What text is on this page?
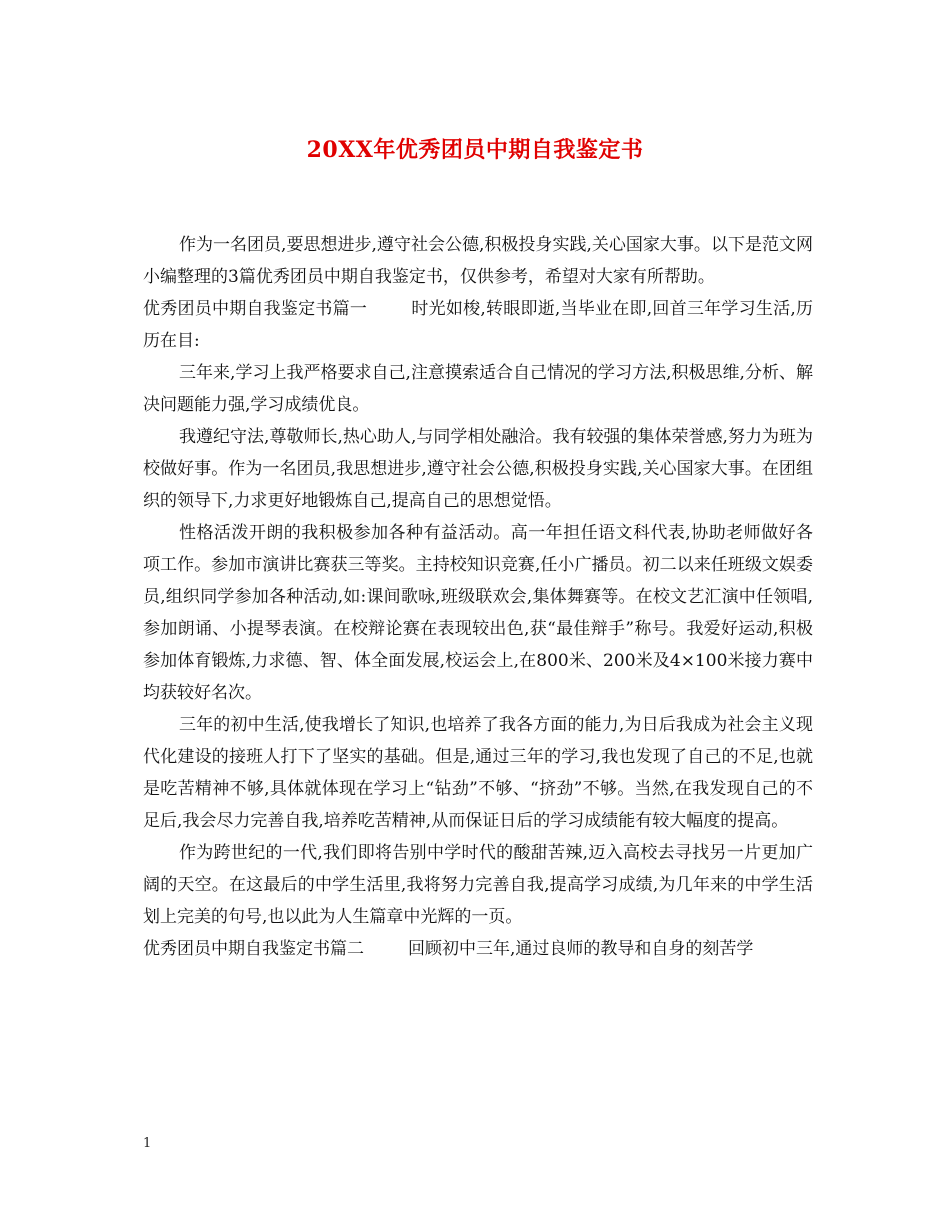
20XX年优秀团员中期自我鉴定书

作为一名团员,要思想进步,遵守社会公德,积极投身实践,关心国家大事。以下是范文网小编整理的3篇优秀团员中期自我鉴定书，仅供参考，希望对大家有所帮助。

优秀团员中期自我鉴定书篇一	时光如梭,转眼即逝,当毕业在即,回首三年学习生活,历历在目:

三年来,学习上我严格要求自己,注意摸索适合自己情况的学习方法,积极思维,分析、解决问题能力强,学习成绩优良。

我遵纪守法,尊敬师长,热心助人,与同学相处融洽。我有较强的集体荣誉感,努力为班为校做好事。作为一名团员,我思想进步,遵守社会公德,积极投身实践,关心国家大事。在团组织的领导下,力求更好地锻炼自己,提高自己的思想觉悟。

性格活泼开朗的我积极参加各种有益活动。高一年担任语文科代表,协助老师做好各项工作。参加市演讲比赛获三等奖。主持校知识竞赛,任小广播员。初二以来任班级文娱委员,组织同学参加各种活动,如:课间歌咏,班级联欢会,集体舞赛等。在校文艺汇演中任领唱,参加朗诵、小提琴表演。在校辩论赛在表现较出色,获“最佳辩手”称号。我爱好运动,积极参加体育锻炼,力求德、智、体全面发展,校运会上,在800米、200米及4×100米接力赛中均获较好名次。

三年的初中生活,使我增长了知识,也培养了我各方面的能力,为日后我成为社会主义现代化建设的接班人打下了坚实的基础。但是,通过三年的学习,我也发现了自己的不足,也就是吃苦精神不够,具体就体现在学习上“钻劲”不够、“挤劲”不够。当然,在我发现自己的不足后,我会尽力完善自我,培养吃苦精神,从而保证日后的学习成绩能有较大幅度的提高。

作为跨世纪的一代,我们即将告别中学时代的酸甜苦辣,迈入高校去寻找另一片更加广阔的天空。在这最后的中学生活里,我将努力完善自我,提高学习成绩,为几年来的中学生活划上完美的句号,也以此为人生篇章中光辉的一页。

优秀团员中期自我鉴定书篇二	回顾初中三年,通过良师的教导和自身的刻苦学

1
